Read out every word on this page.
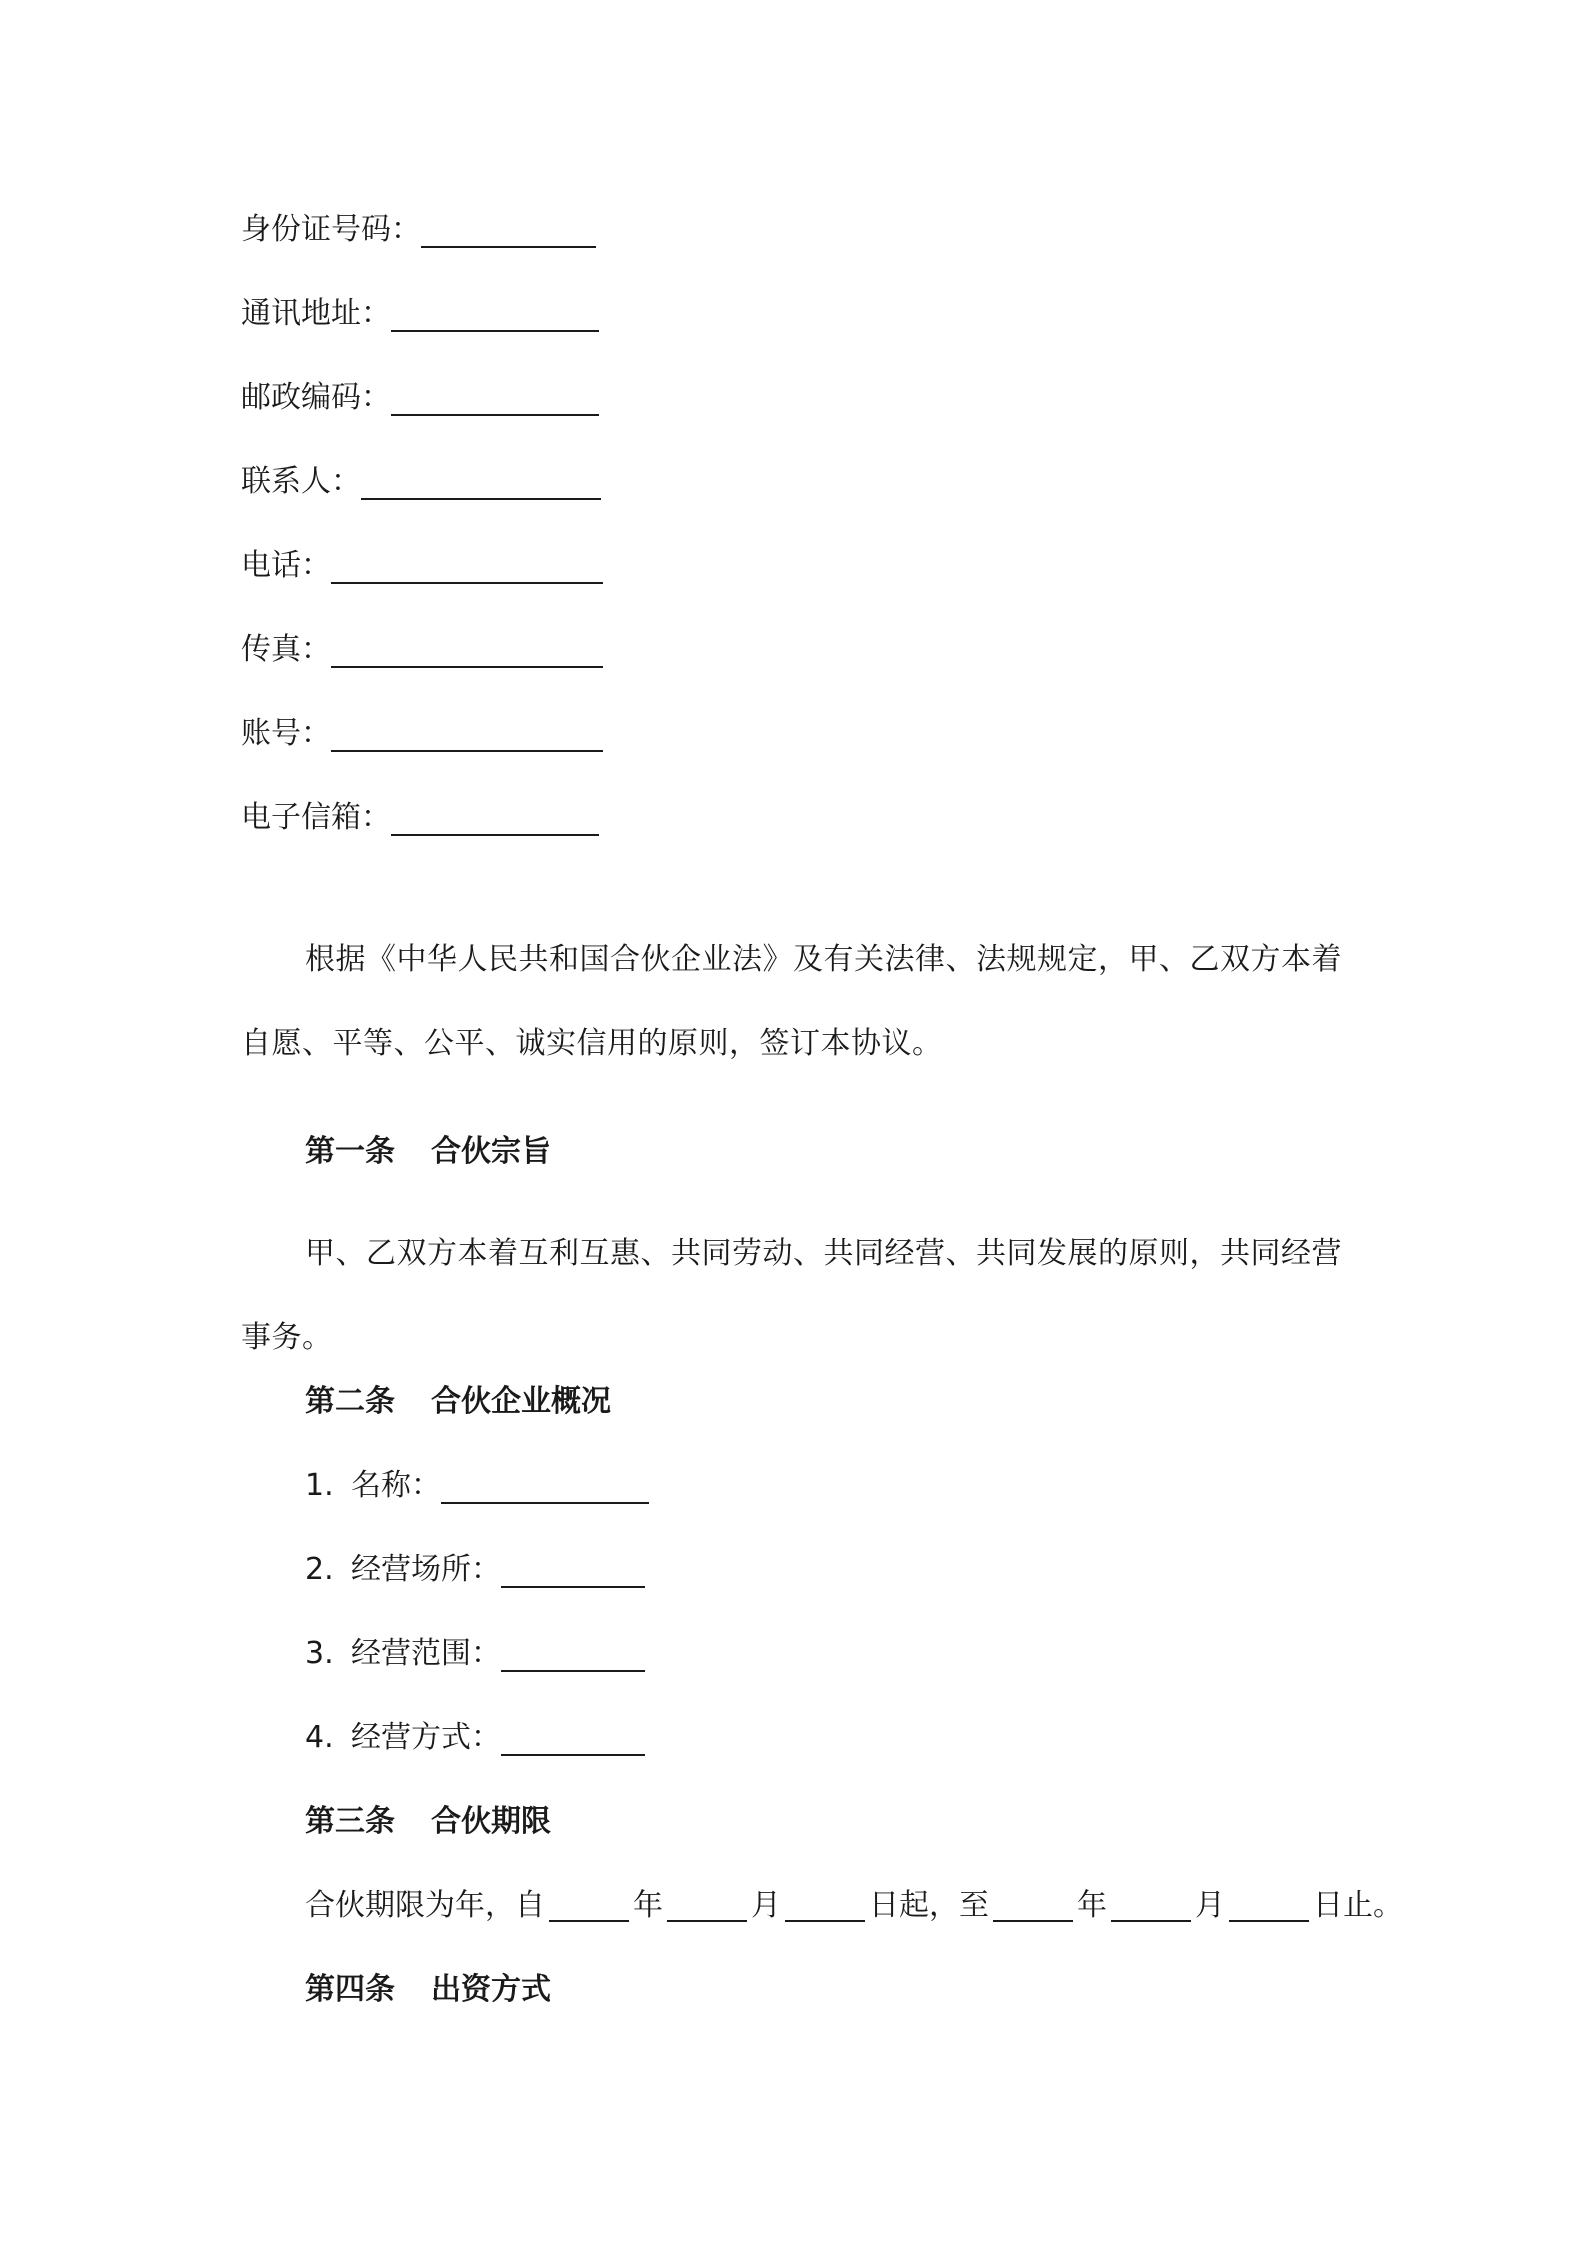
身份证号码：
通讯地址：
邮政编码：
联系人：
电话：
传真：
账号：
电子信箱：
根据《中华人民共和国合伙企业法》及有关法律、法规规定，甲、乙双方本着自愿、平等、公平、诚实信用的原则，签订本协议。
第一条 合伙宗旨
甲、乙双方本着互利互惠、共同劳动、共同经营、共同发展的原则，共同经营事务。
第二条 合伙企业概况
1. 名称：
2. 经营场所：
3. 经营范围：
4. 经营方式：
第三条 合伙期限
合伙期限为年，自	年	月	日起，至	年	月	日止。
第四条 出资方式
